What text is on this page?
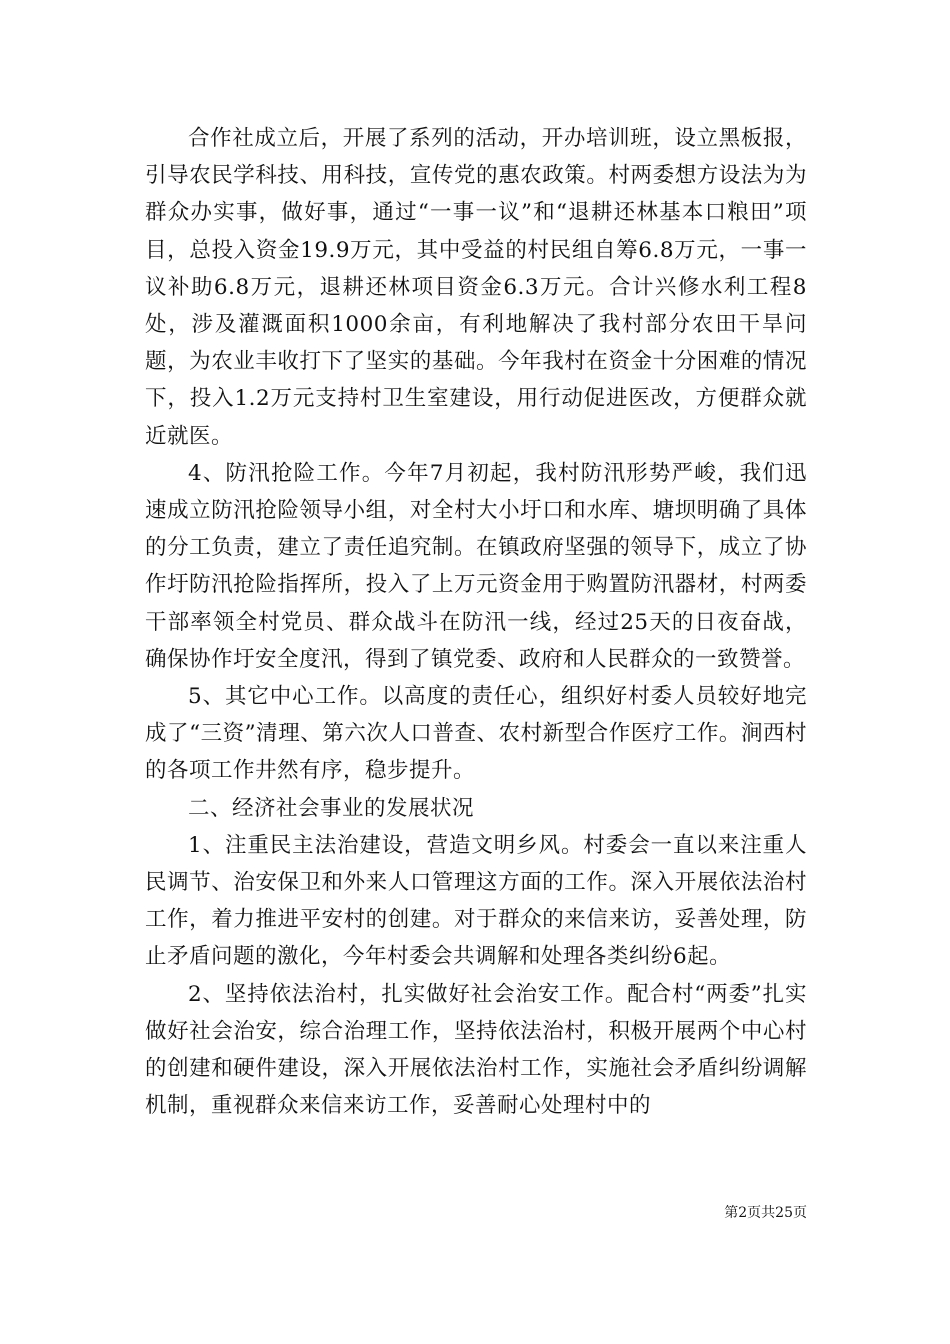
合作社成立后，开展了系列的活动，开办培训班，设立黑板报，引导农民学科技、用科技，宣传党的惠农政策。村两委想方设法为为群众办实事，做好事，通过“一事一议”和“退耕还林基本口粮田”项目，总投入资金19.9万元，其中受益的村民组自筹6.8万元，一事一议补助6.8万元，退耕还林项目资金6.3万元。合计兴修水利工程8处，涉及灌溉面积1000余亩，有利地解决了我村部分农田干旱问题，为农业丰收打下了坚实的基础。今年我村在资金十分困难的情况下，投入1.2万元支持村卫生室建设，用行动促进医改，方便群众就近就医。

4、防汛抢险工作。今年7月初起，我村防汛形势严峻，我们迅速成立防汛抢险领导小组，对全村大小圩口和水库、塘坝明确了具体的分工负责，建立了责任追究制。在镇政府坚强的领导下，成立了协作圩防汛抢险指挥所，投入了上万元资金用于购置防汛器材，村两委干部率领全村党员、群众战斗在防汛一线，经过25天的日夜奋战，确保协作圩安全度汛，得到了镇党委、政府和人民群众的一致赞誉。

5、其它中心工作。以高度的责任心，组织好村委人员较好地完成了“三资”清理、第六次人口普查、农村新型合作医疗工作。涧西村的各项工作井然有序，稳步提升。

二、经济社会事业的发展状况

1、注重民主法治建设，营造文明乡风。村委会一直以来注重人民调节、治安保卫和外来人口管理这方面的工作。深入开展依法治村工作，着力推进平安村的创建。对于群众的来信来访，妥善处理，防止矛盾问题的激化，今年村委会共调解和处理各类纠纷6起。

2、坚持依法治村，扎实做好社会治安工作。配合村“两委”扎实做好社会治安，综合治理工作，坚持依法治村，积极开展两个中心村的创建和硬件建设，深入开展依法治村工作，实施社会矛盾纠纷调解机制，重视群众来信来访工作，妥善耐心处理村中的

第2页共25页
